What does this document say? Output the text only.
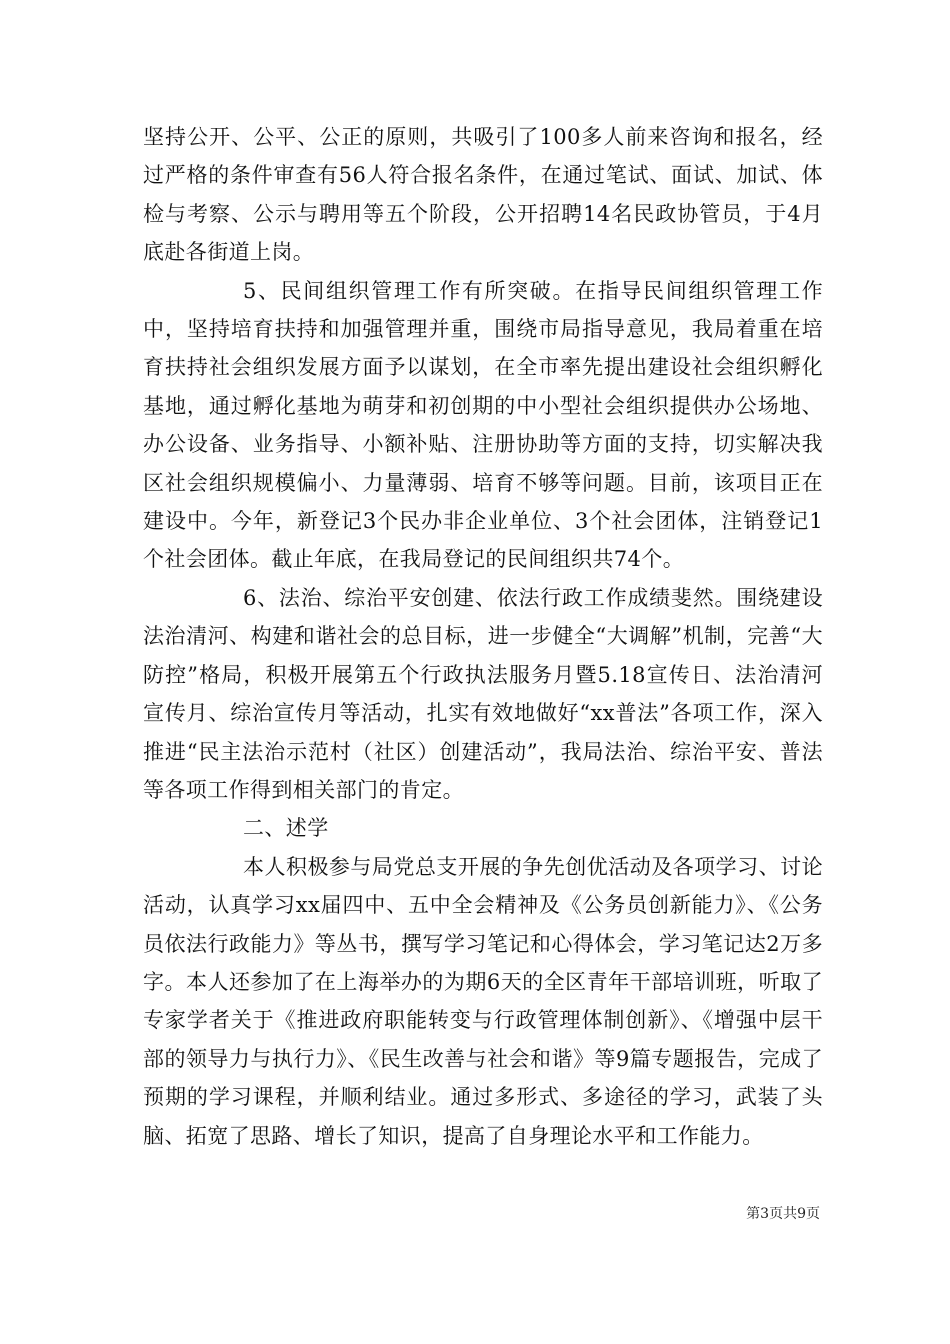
坚持公开、公平、公正的原则，共吸引了100多人前来咨询和报名，经过严格的条件审查有56人符合报名条件，在通过笔试、面试、加试、体检与考察、公示与聘用等五个阶段，公开招聘14名民政协管员，于4月底赴各街道上岗。

5、民间组织管理工作有所突破。在指导民间组织管理工作中，坚持培育扶持和加强管理并重，围绕市局指导意见，我局着重在培育扶持社会组织发展方面予以谋划，在全市率先提出建设社会组织孵化基地，通过孵化基地为萌芽和初创期的中小型社会组织提供办公场地、办公设备、业务指导、小额补贴、注册协助等方面的支持，切实解决我区社会组织规模偏小、力量薄弱、培育不够等问题。目前，该项目正在建设中。今年，新登记3个民办非企业单位、3个社会团体，注销登记1个社会团体。截止年底，在我局登记的民间组织共74个。

6、法治、综治平安创建、依法行政工作成绩斐然。围绕建设法治清河、构建和谐社会的总目标，进一步健全“大调解”机制，完善“大防控”格局，积极开展第五个行政执法服务月暨5.18宣传日、法治清河宣传月、综治宣传月等活动，扎实有效地做好“xx普法”各项工作，深入推进“民主法治示范村（社区）创建活动”，我局法治、综治平安、普法等各项工作得到相关部门的肯定。

二、述学

本人积极参与局党总支开展的争先创优活动及各项学习、讨论活动，认真学习xx届四中、五中全会精神及《公务员创新能力》、《公务员依法行政能力》等丛书，撰写学习笔记和心得体会，学习笔记达2万多字。本人还参加了在上海举办的为期6天的全区青年干部培训班，听取了专家学者关于《推进政府职能转变与行政管理体制创新》、《增强中层干部的领导力与执行力》、《民生改善与社会和谐》等9篇专题报告，完成了预期的学习课程，并顺利结业。通过多形式、多途径的学习，武装了头脑、拓宽了思路、增长了知识，提高了自身理论水平和工作能力。

第3页共9页
